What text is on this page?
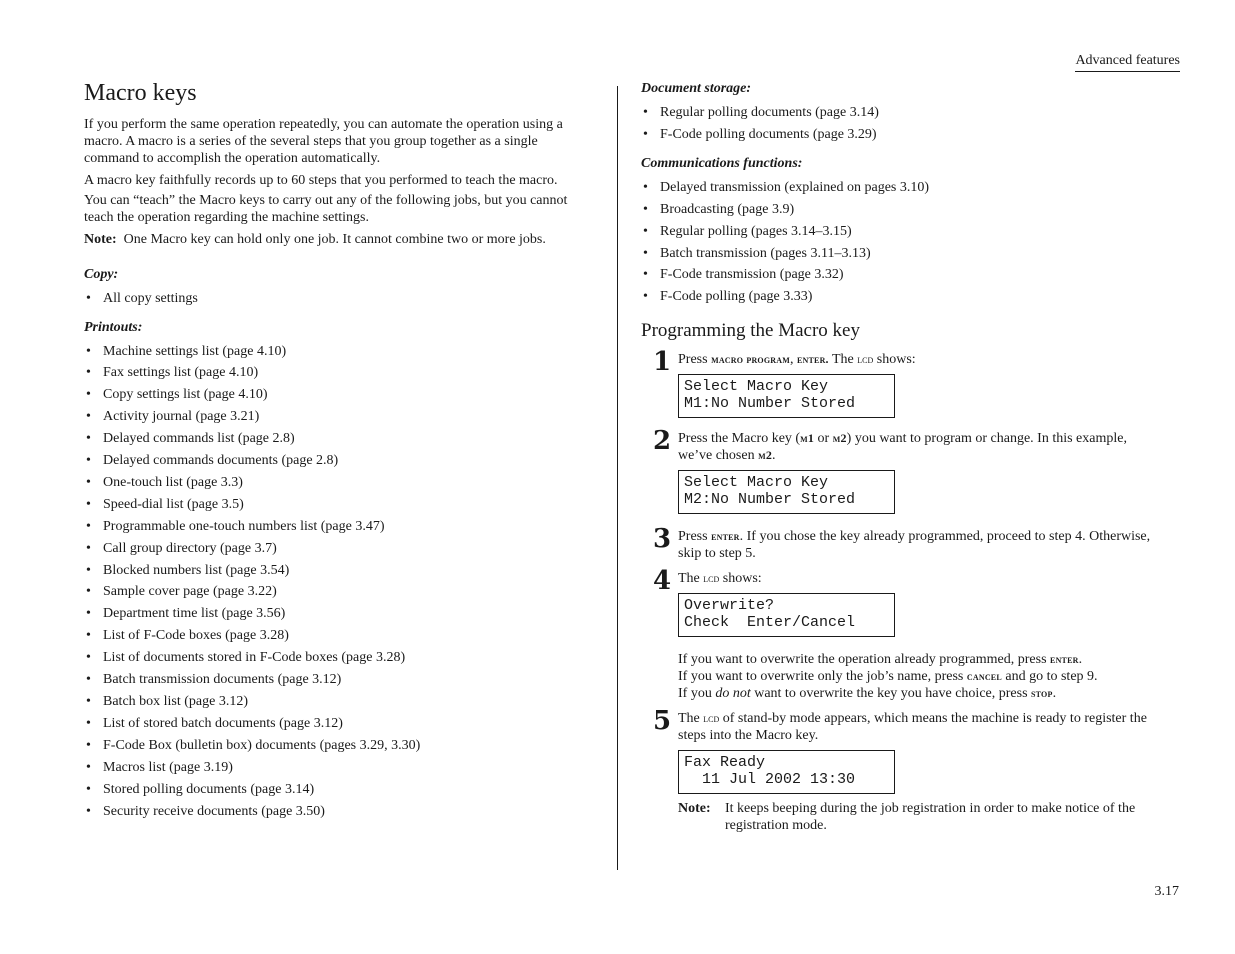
Advanced features
Macro keys

If you perform the same operation repeatedly, you can automate the operation using a macro. A macro is a series of the several steps that you group together as a single command to accomplish the operation automatically.

A macro key faithfully records up to 60 steps that you performed to teach the macro.

You can “teach” the Macro keys to carry out any of the following jobs, but you cannot teach the operation regarding the machine settings.

Note: One Macro key can hold only one job. It cannot combine two or more jobs.
Copy:
• All copy settings
Printouts:
• Machine settings list (page 4.10)
• Fax settings list (page 4.10)
• Copy settings list (page 4.10)
• Activity journal (page 3.21)
• Delayed commands list (page 2.8)
• Delayed commands documents (page 2.8)
• One-touch list (page 3.3)
• Speed-dial list (page 3.5)
• Programmable one-touch numbers list (page 3.47)
• Call group directory (page 3.7)
• Blocked numbers list (page 3.54)
• Sample cover page (page 3.22)
• Department time list (page 3.56)
• List of F-Code boxes (page 3.28)
• List of documents stored in F-Code boxes (page 3.28)
• Batch transmission documents (page 3.12)
• Batch box list (page 3.12)
• List of stored batch documents (page 3.12)
• F-Code Box (bulletin box) documents (pages 3.29, 3.30)
• Macros list (page 3.19)
• Stored polling documents (page 3.14)
• Security receive documents (page 3.50)
Document storage:
• Regular polling documents (page 3.14)
• F-Code polling documents (page 3.29)
Communications functions:
• Delayed transmission (explained on pages 3.10)
• Broadcasting (page 3.9)
• Regular polling (pages 3.14–3.15)
• Batch transmission (pages 3.11–3.13)
• F-Code transmission (page 3.32)
• F-Code polling (page 3.33)
Programming the Macro key
1 Press macro program, enter. The lcd shows:
Select Macro Key
M1:No Number Stored
2 Press the Macro key (m1 or m2) you want to program or change. In this example, we’ve chosen m2.
Select Macro Key
M2:No Number Stored
3 Press enter. If you chose the key already programmed, proceed to step 4. Otherwise, skip to step 5.
4 The lcd shows:
Overwrite?
Check  Enter/Cancel
If you want to overwrite the operation already programmed, press enter.
If you want to overwrite only the job’s name, press cancel and go to step 9.
If you do not want to overwrite the key you have choice, press stop.
5 The lcd of stand-by mode appears, which means the machine is ready to register the steps into the Macro key.
Fax Ready
11 Jul 2002 13:30
Note:	It keeps beeping during the job registration in order to make notice of the registration mode.
3.17
